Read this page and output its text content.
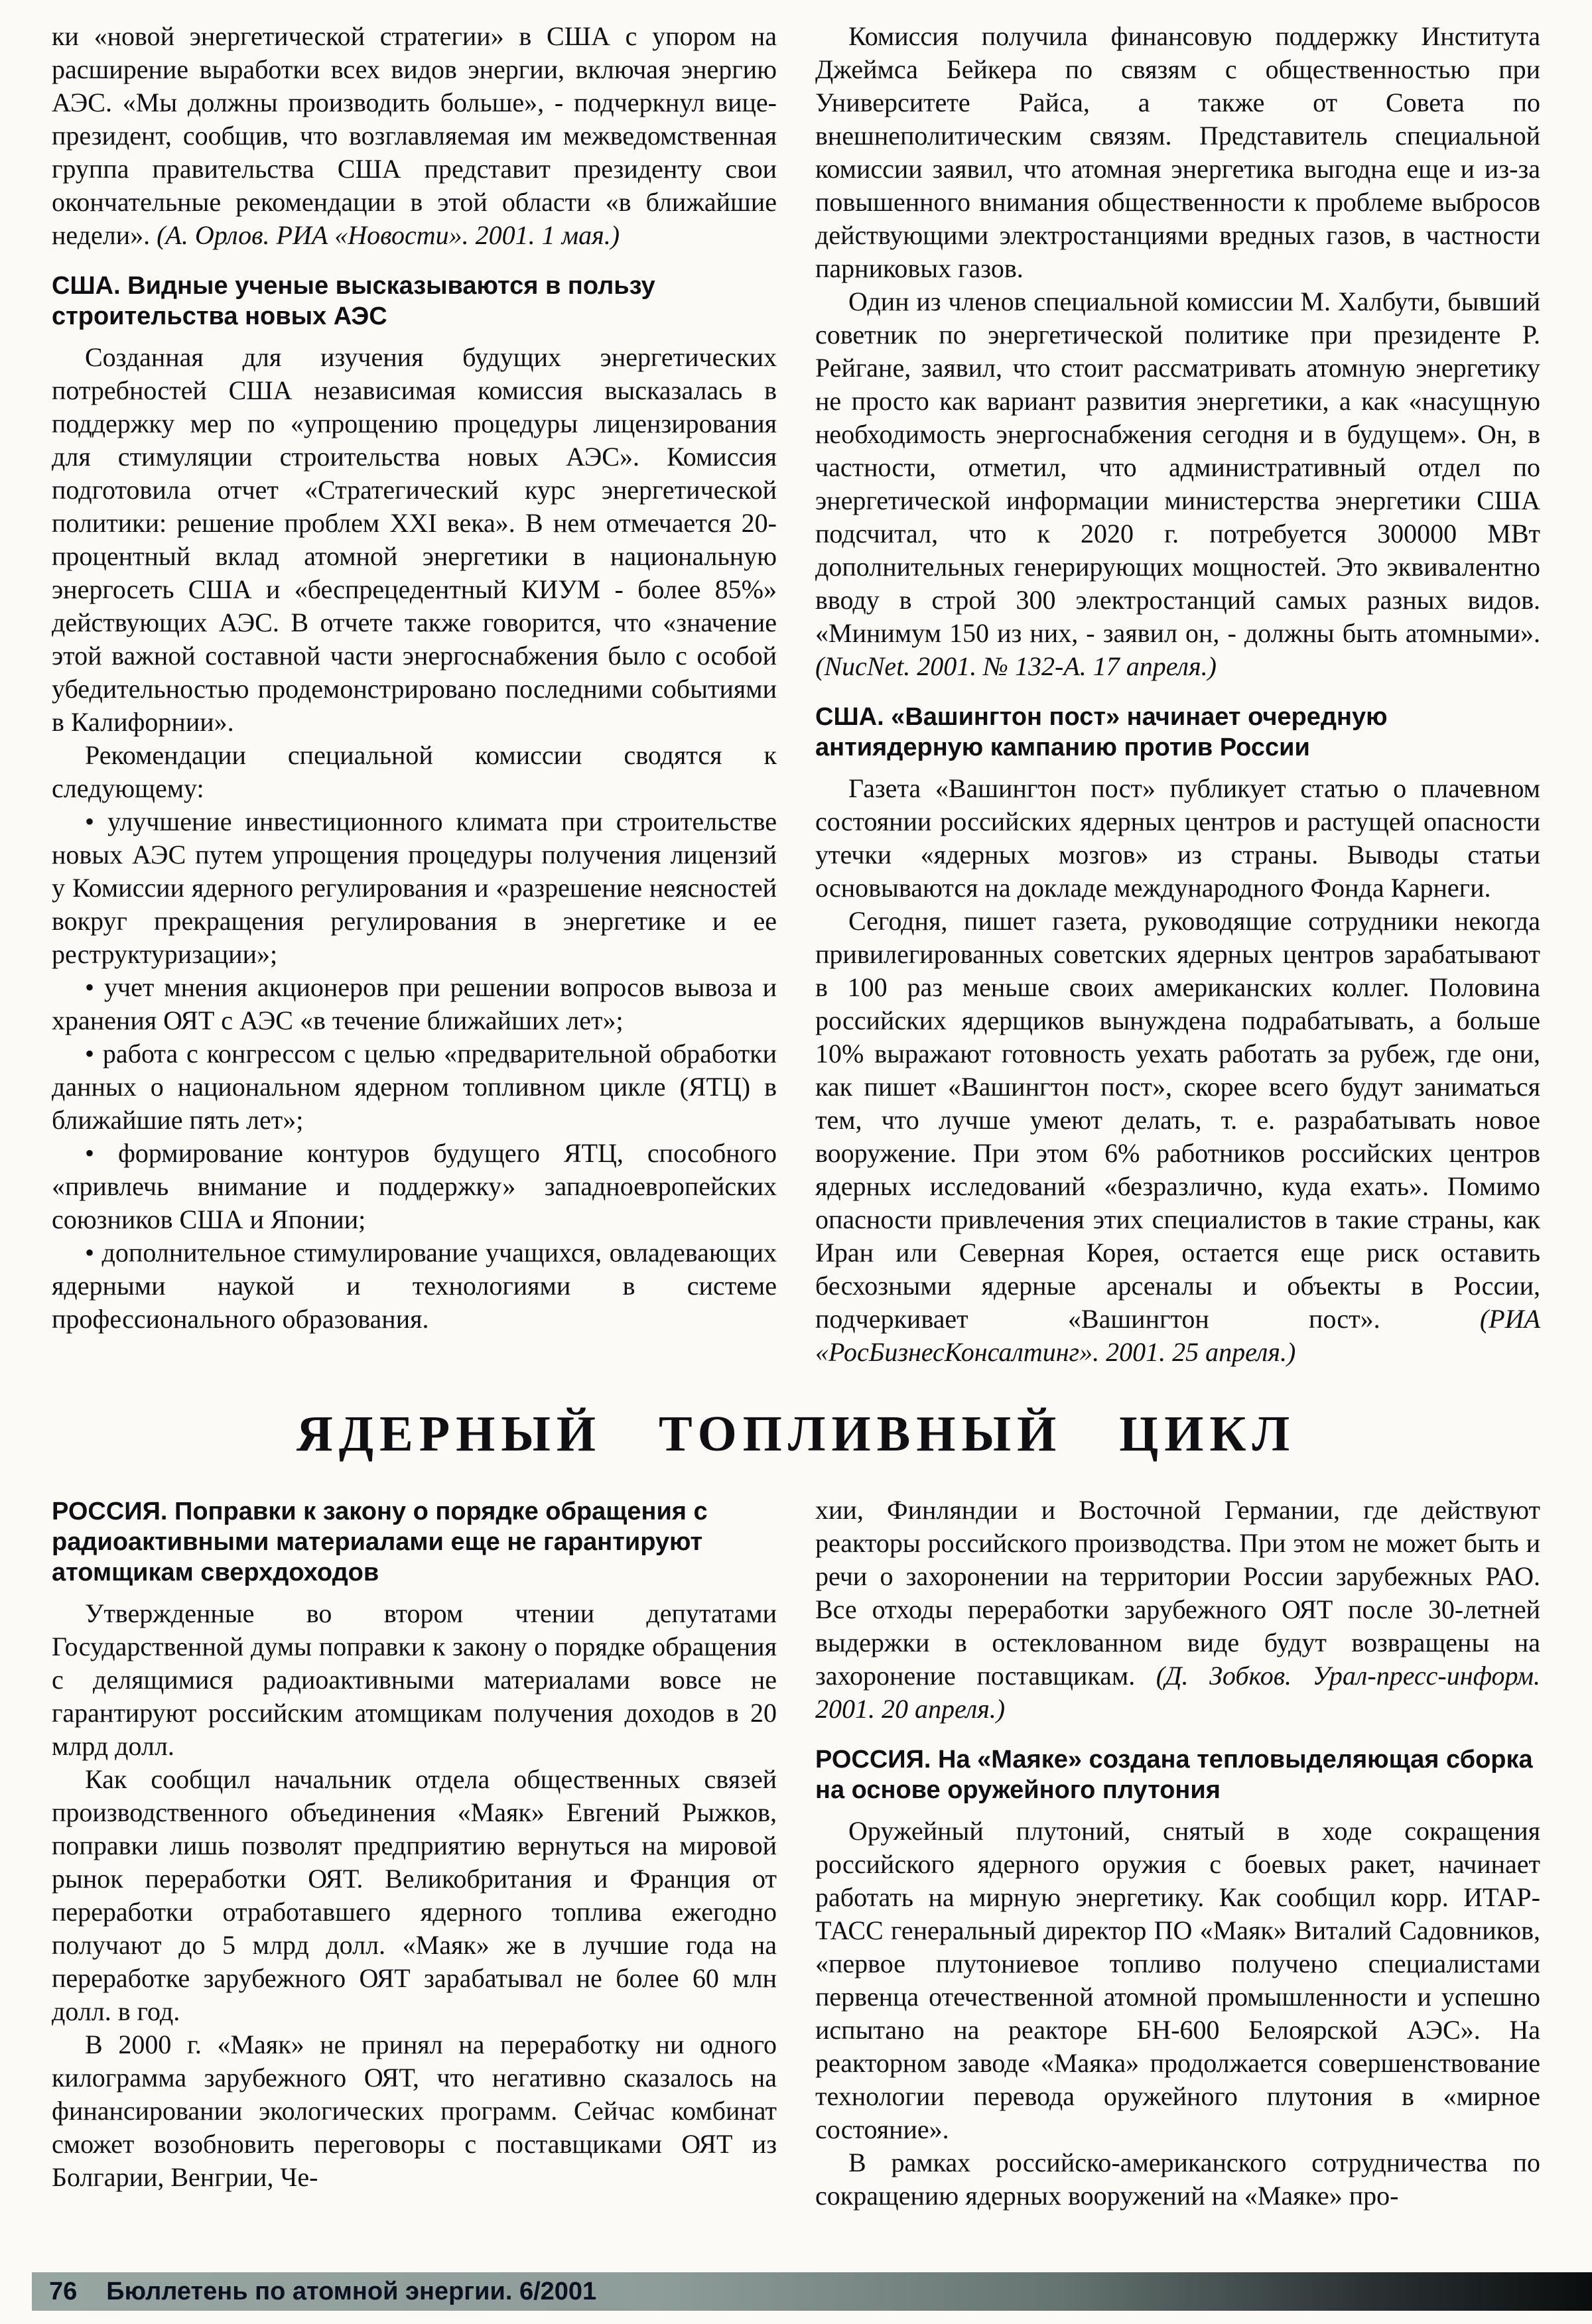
ки «новой энергетической стратегии» в США с упором на расширение выработки всех видов энергии, включая энергию АЭС. «Мы должны производить больше», - подчеркнул вице-президент, сообщив, что возглавляемая им межведомственная группа правительства США представит президенту свои окончательные рекомендации в этой области «в ближайшие недели». (А. Орлов. РИА «Новости». 2001. 1 мая.)

США. Видные ученые высказываются в пользу строительства новых АЭС

Созданная для изучения будущих энергетических потребностей США независимая комиссия высказалась в поддержку мер по «упрощению процедуры лицензирования для стимуляции строительства новых АЭС». Комиссия подготовила отчет «Стратегический курс энергетической политики: решение проблем XXI века». В нем отмечается 20-процентный вклад атомной энергетики в национальную энергосеть США и «беспрецедентный КИУМ - более 85%» действующих АЭС. В отчете также говорится, что «значение этой важной составной части энергоснабжения было с особой убедительностью продемонстрировано последними событиями в Калифорнии».

Рекомендации специальной комиссии сводятся к следующему:

• улучшение инвестиционного климата при строительстве новых АЭС путем упрощения процедуры получения лицензий у Комиссии ядерного регулирования и «разрешение неясностей вокруг прекращения регулирования в энергетике и ее реструктуризации»;

• учет мнения акционеров при решении вопросов вывоза и хранения ОЯТ с АЭС «в течение ближайших лет»;

• работа с конгрессом с целью «предварительной обработки данных о национальном ядерном топливном цикле (ЯТЦ) в ближайшие пять лет»;

• формирование контуров будущего ЯТЦ, способного «привлечь внимание и поддержку» западноевропейских союзников США и Японии;

• дополнительное стимулирование учащихся, овладевающих ядерными наукой и технологиями в системе профессионального образования.

Комиссия получила финансовую поддержку Института Джеймса Бейкера по связям с общественностью при Университете Райса, а также от Совета по внешнеполитическим связям. Представитель специальной комиссии заявил, что атомная энергетика выгодна еще и из-за повышенного внимания общественности к проблеме выбросов действующими электростанциями вредных газов, в частности парниковых газов.

Один из членов специальной комиссии М. Халбути, бывший советник по энергетической политике при президенте Р. Рейгане, заявил, что стоит рассматривать атомную энергетику не просто как вариант развития энергетики, а как «насущную необходимость энергоснабжения сегодня и в будущем». Он, в частности, отметил, что административный отдел по энергетической информации министерства энергетики США подсчитал, что к 2020 г. потребуется 300000 МВт дополнительных генерирующих мощностей. Это эквивалентно вводу в строй 300 электростанций самых разных видов. «Минимум 150 из них, - заявил он, - должны быть атомными». (NucNet. 2001. № 132-А. 17 апреля.)

США. «Вашингтон пост» начинает очередную антиядерную кампанию против России

Газета «Вашингтон пост» публикует статью о плачевном состоянии российских ядерных центров и растущей опасности утечки «ядерных мозгов» из страны. Выводы статьи основываются на докладе международного Фонда Карнеги.

Сегодня, пишет газета, руководящие сотрудники некогда привилегированных советских ядерных центров зарабатывают в 100 раз меньше своих американских коллег. Половина российских ядерщиков вынуждена подрабатывать, а больше 10% выражают готовность уехать работать за рубеж, где они, как пишет «Вашингтон пост», скорее всего будут заниматься тем, что лучше умеют делать, т. е. разрабатывать новое вооружение. При этом 6% работников российских центров ядерных исследований «безразлично, куда ехать». Помимо опасности привлечения этих специалистов в такие страны, как Иран или Северная Корея, остается еще риск оставить бесхозными ядерные арсеналы и объекты в России, подчеркивает «Вашингтон пост». (РИА «РосБизнесКонсалтинг». 2001. 25 апреля.)

ЯДЕРНЫЙ ТОПЛИВНЫЙ ЦИКЛ
РОССИЯ. Поправки к закону о порядке обращения с радиоактивными материалами еще не гарантируют атомщикам сверхдоходов

Утвержденные во втором чтении депутатами Государственной думы поправки к закону о порядке обращения с делящимися радиоактивными материалами вовсе не гарантируют российским атомщикам получения доходов в 20 млрд долл.

Как сообщил начальник отдела общественных связей производственного объединения «Маяк» Евгений Рыжков, поправки лишь позволят предприятию вернуться на мировой рынок переработки ОЯТ. Великобритания и Франция от переработки отработавшего ядерного топлива ежегодно получают до 5 млрд долл. «Маяк» же в лучшие года на переработке зарубежного ОЯТ зарабатывал не более 60 млн долл. в год.

В 2000 г. «Маяк» не принял на переработку ни одного килограмма зарубежного ОЯТ, что негативно сказалось на финансировании экологических программ. Сейчас комбинат сможет возобновить переговоры с поставщиками ОЯТ из Болгарии, Венгрии, Че-

хии, Финляндии и Восточной Германии, где действуют реакторы российского производства. При этом не может быть и речи о захоронении на территории России зарубежных РАО. Все отходы переработки зарубежного ОЯТ после 30-летней выдержки в остеклованном виде будут возвращены на захоронение поставщикам. (Д. Зобков. Урал-пресс-информ. 2001. 20 апреля.)

РОССИЯ. На «Маяке» создана тепловыделяющая сборка на основе оружейного плутония

Оружейный плутоний, снятый в ходе сокращения российского ядерного оружия с боевых ракет, начинает работать на мирную энергетику. Как сообщил корр. ИТАР-ТАСС генеральный директор ПО «Маяк» Виталий Садовников, «первое плутониевое топливо получено специалистами первенца отечественной атомной промышленности и успешно испытано на реакторе БН-600 Белоярской АЭС». На реакторном заводе «Маяка» продолжается совершенствование технологии перевода оружейного плутония в «мирное состояние».

В рамках российско-американского сотрудничества по сокращению ядерных вооружений на «Маяке» про-

76 Бюллетень по атомной энергии. 6/2001
